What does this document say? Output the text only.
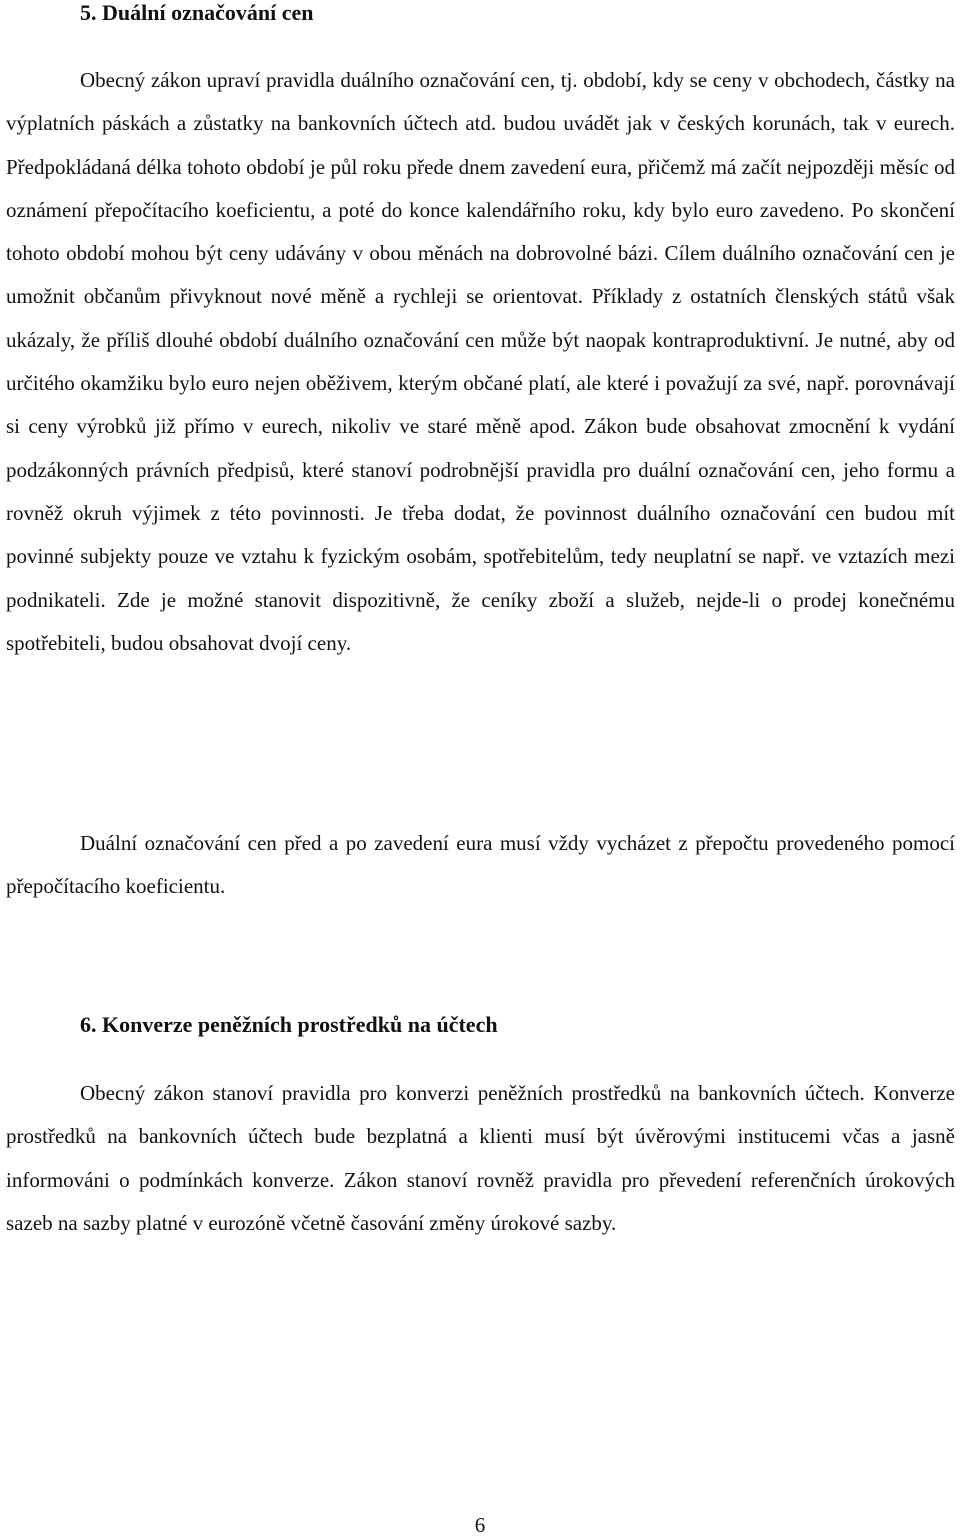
5. Duální označování cen

Obecný zákon upraví pravidla duálního označování cen, tj. období, kdy se ceny v obchodech, částky na výplatních páskách a zůstatky na bankovních účtech atd. budou uvádět jak v českých korunách, tak v eurech. Předpokládaná délka tohoto období je půl roku přede dnem zavedení eura, přičemž má začít nejpozději měsíc od oznámení přepočítacího koeficientu, a poté do konce kalendářního roku, kdy bylo euro zavedeno. Po skončení tohoto období mohou být ceny udávány v obou měnách na dobrovolné bázi. Cílem duálního označování cen je umožnit občanům přivyknout nové měně a rychleji se orientovat. Příklady z ostatních členských států však ukázaly, že příliš dlouhé období duálního označování cen může být naopak kontraproduktivní. Je nutné, aby od určitého okamžiku bylo euro nejen oběživem, kterým občané platí, ale které i považují za své, např. porovnávají si ceny výrobků již přímo v eurech, nikoliv ve staré měně apod. Zákon bude obsahovat zmocnění k vydání podzákonných právních předpisů, které stanoví podrobnější pravidla pro duální označování cen, jeho formu a rovněž okruh výjimek z této povinnosti. Je třeba dodat, že povinnost duálního označování cen budou mít povinné subjekty pouze ve vztahu k fyzickým osobám, spotřebitelům, tedy neuplatní se např. ve vztazích mezi podnikateli. Zde je možné stanovit dispozitivně, že ceníky zboží a služeb, nejde-li o prodej konečnému spotřebiteli, budou obsahovat dvojí ceny.

Duální označování cen před a po zavedení eura musí vždy vycházet z přepočtu provedeného pomocí přepočítacího koeficientu.

6. Konverze peněžních prostředků na účtech

Obecný zákon stanoví pravidla pro konverzi peněžních prostředků na bankovních účtech. Konverze prostředků na bankovních účtech bude bezplatná a klienti musí být úvěrovými institucemi včas a jasně informováni o podmínkách konverze. Zákon stanoví rovněž pravidla pro převedení referenčních úrokových sazeb na sazby platné v eurozóně včetně časování změny úrokové sazby.

6
